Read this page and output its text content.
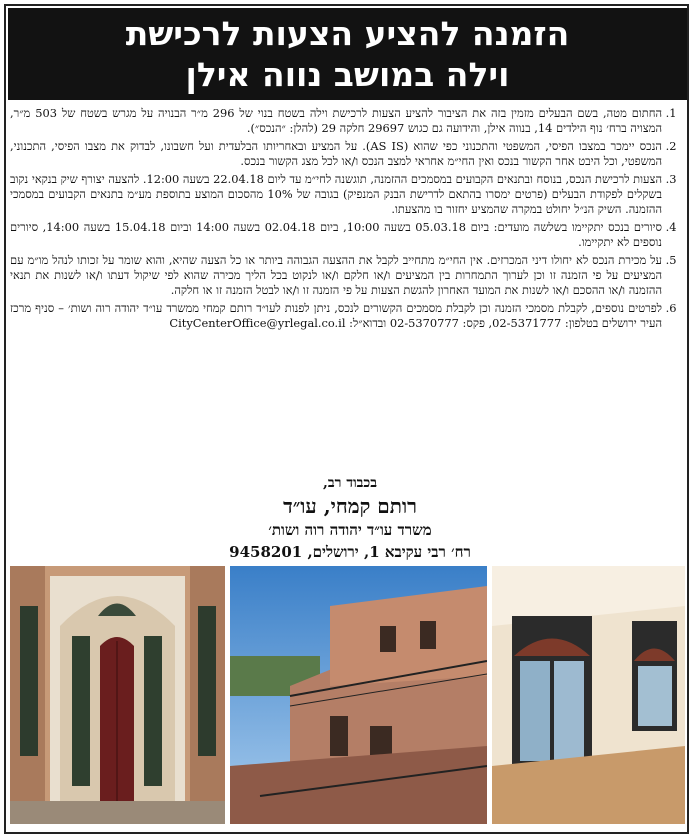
הזמנה להציע הצעות לרכישת
וילה במושב נווה אילן
1. החתום מטה, בשם הבעלים מזמין בזה את הציבור להציע הצעות לרכישת וילה בשטח בנוי של 296 מ״ר הבנויה על מגרש בשטח של 503 מ״ר, המצויה ברח׳ נוף הילדים 14, בנווה אילן, והידועה גם כגוש 29697 חלקה 29 (להלן: ״הנכס״).
2. הנכס יימכר במצבו הפיסי, המשפטי והתכנוני כפי שהוא (AS IS). על המציע ובאחריותו הבלעדית ועל חשבונו, לבדוק את מצבו הפיסי, התכנוני, המשפטי, וכל היבט אחר הקשור בנכס ואין החי״מ אחראי למצב הנכס ו/או לכל מצג הקשור בנכס.
3. הצעות לרכישת הנכס, בנוסח ובתנאים הקבועים במסמכים ההזמנה, תוגשנה לחי״מ עד ליום 22.04.18 בשעה 12:00. להצעה יצורף שיק בנקאי נקוב בשקלים לפקודת הבעלים (פרטים ימסרו בהתאם לדרישת הבנק המנפיק) בגובה של 10% מהסכום המוצע בתוספת מע״מ בתנאים הקבועים במסמכי ההזמנה. השיק הנ״ל יחולט במקרה שהמציע יחזור בו מהצעתו.
4. סיורים בנכס יתקיימו בשלשה מועדים: ביום 05.03.18 בשעה 10:00, ביום 02.04.18 בשעה 14:00 וביום 15.04.18 בשעה 14:00, סיורים נוספים לא יתקיימו.
5. על מכירת הנכס לא יחולו דיני המכרזים. אין החי״מ מתחייב לקבל את ההצעה הגבוהה ביותר או כל הצעה שהיא, והוא שומר על זכותו לנהל מו״מ עם המציעים על פי הזמנה זו וכן לערוך התמחרות בין המציעים ו/או חלקם ו/או לנקוט בכל הליך מכירה שהוא לפי שיקול דעתו ו/או לשנות את תנאי ההזמנה ו/או ההסכם ו/או לשנות את המועד האחרון להגשת הצעות על פי הזמנה זו ו/או לבטל הזמנה זו או חלקה.
6. לפרטים נוספים, לקבלת מסמכי הזמנה וכן לקבלת מסמכים הקשורים לנכס, ניתן לפנות לעו״ד רותם קמחי ממשרד עו״ד יהודה רוה ושות׳ – סניף מרכז העיר ירושלים בטלפון: 02-5371777, פקס: 02-5370777 ובדוא״ל: CityCenterOffice@yrlegal.co.il
בכבוד רב,
רותם קמחי, עו״ד
משרד עו״ד יהודה רוה ושות׳
רח׳ רבי עקיבא 1, ירושלים, 9458201
